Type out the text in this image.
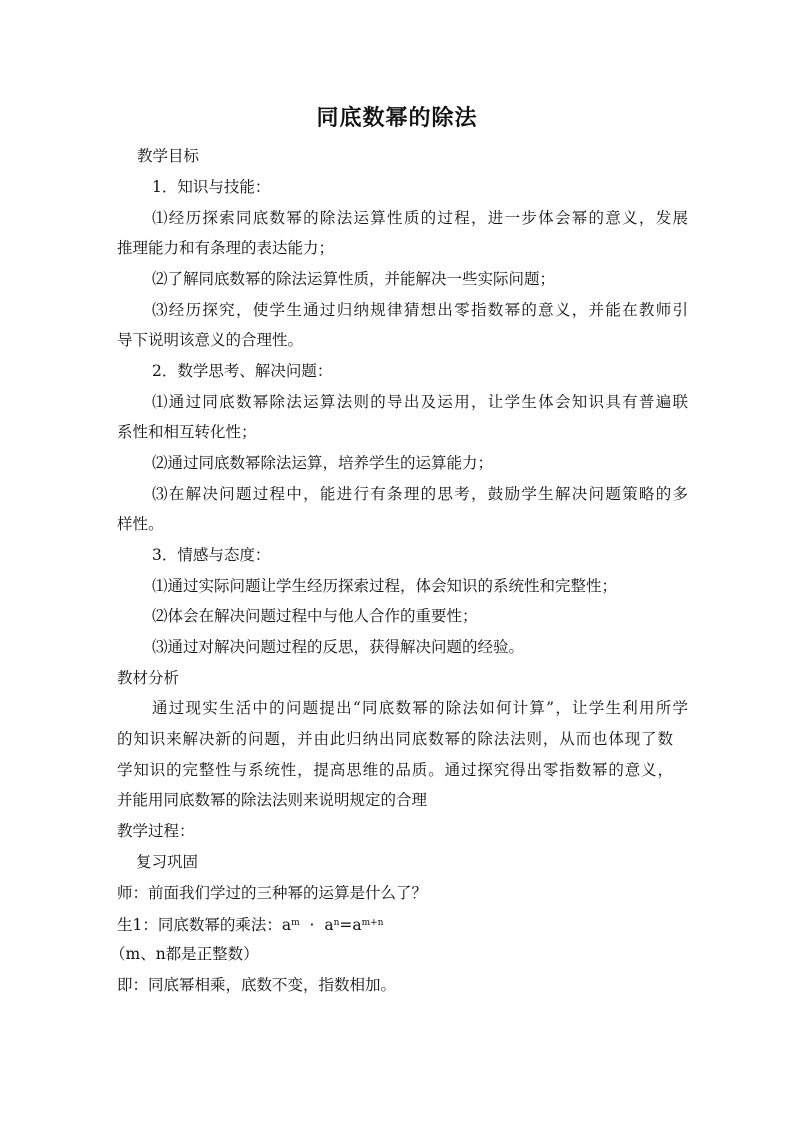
同底数幂的除法
教学目标
1．知识与技能：
⑴经历探索同底数幂的除法运算性质的过程，进一步体会幂的意义，发展
推理能力和有条理的表达能力；
⑵了解同底数幂的除法运算性质，并能解决一些实际问题；
⑶经历探究，使学生通过归纳规律猜想出零指数幂的意义，并能在教师引
导下说明该意义的合理性。
2．数学思考、解决问题：
⑴通过同底数幂除法运算法则的导出及运用，让学生体会知识具有普遍联
系性和相互转化性；
⑵通过同底数幂除法运算，培养学生的运算能力；
⑶在解决问题过程中，能进行有条理的思考，鼓励学生解决问题策略的多
样性。
3．情感与态度：
⑴通过实际问题让学生经历探索过程，体会知识的系统性和完整性；
⑵体会在解决问题过程中与他人合作的重要性；
⑶通过对解决问题过程的反思，获得解决问题的经验。
教材分析
通过现实生活中的问题提出“同底数幂的除法如何计算”，让学生利用所学
的知识来解决新的问题，并由此归纳出同底数幂的除法法则，从而也体现了数
学知识的完整性与系统性，提高思维的品质。通过探究得出零指数幂的意义，
并能用同底数幂的除法法则来说明规定的合理
教学过程：
复习巩固
师：前面我们学过的三种幂的运算是什么了？
生1：同底数幂的乘法：$a^m \cdot a^n=a^{m+n}$
（m、n都是正整数）
即：同底幂相乘，底数不变，指数相加。
